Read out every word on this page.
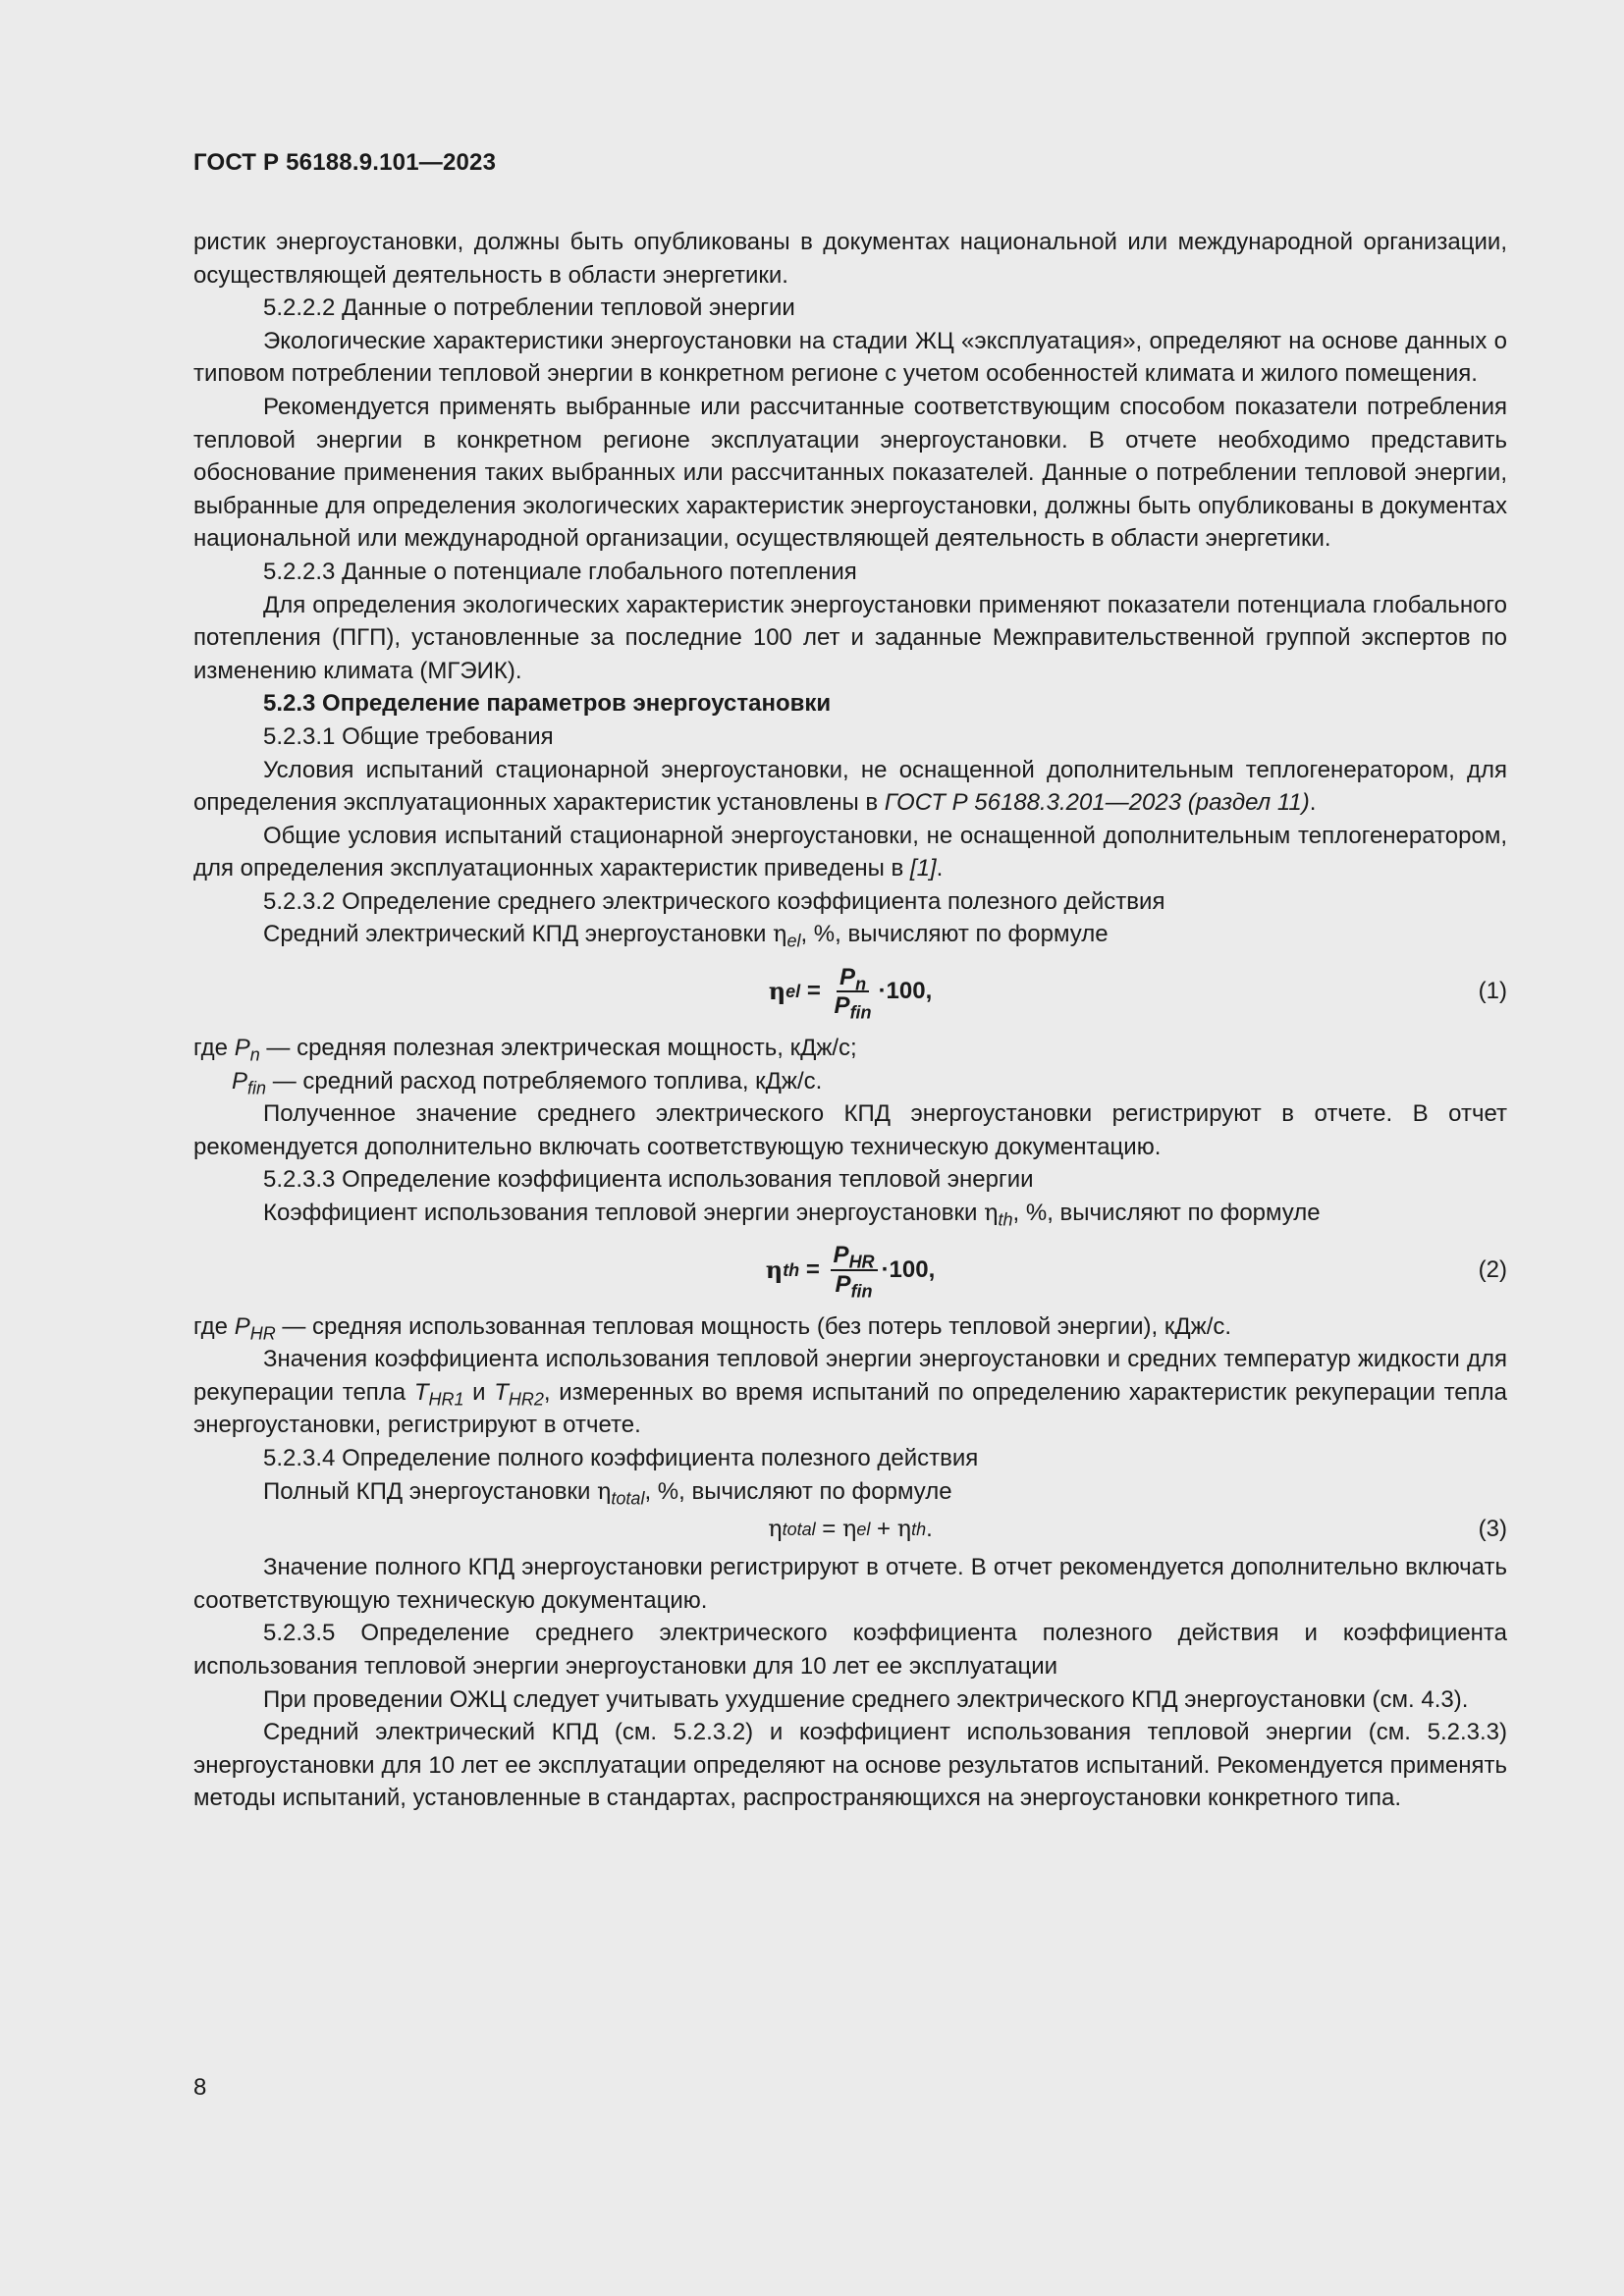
ГОСТ Р 56188.9.101—2023

ристик энергоустановки, должны быть опубликованы в документах национальной или международной организации, осуществляющей деятельность в области энергетики.

5.2.2.2 Данные о потреблении тепловой энергии

Экологические характеристики энергоустановки на стадии ЖЦ «эксплуатация», определяют на основе данных о типовом потреблении тепловой энергии в конкретном регионе с учетом особенностей климата и жилого помещения.

Рекомендуется применять выбранные или рассчитанные соответствующим способом показатели потребления тепловой энергии в конкретном регионе эксплуатации энергоустановки. В отчете необходимо представить обоснование применения таких выбранных или рассчитанных показателей. Данные о потреблении тепловой энергии, выбранные для определения экологических характеристик энергоустановки, должны быть опубликованы в документах национальной или международной организации, осуществляющей деятельность в области энергетики.

5.2.2.3 Данные о потенциале глобального потепления

Для определения экологических характеристик энергоустановки применяют показатели потенциала глобального потепления (ПГП), установленные за последние 100 лет и заданные Межправительственной группой экспертов по изменению климата (МГЭИК).

5.2.3 Определение параметров энергоустановки

5.2.3.1 Общие требования

Условия испытаний стационарной энергоустановки, не оснащенной дополнительным теплогенератором, для определения эксплуатационных характеристик установлены в ГОСТ Р 56188.3.201—2023 (раздел 11).

Общие условия испытаний стационарной энергоустановки, не оснащенной дополнительным теплогенератором, для определения эксплуатационных характеристик приведены в [1].

5.2.3.2 Определение среднего электрического коэффициента полезного действия

Средний электрический КПД энергоустановки $\eta_{el}$, %, вычисляют по формуле

η el = $\frac{P_n}{P_{fin}} \cdot 100$,	(1)

где $P_n$ — средняя полезная электрическая мощность, кДж/с;

$P_{fin}$ — средний расход потребляемого топлива, кДж/с.

Полученное значение среднего электрического КПД энергоустановки регистрируют в отчете. В отчет рекомендуется дополнительно включать соответствующую техническую документацию.

5.2.3.3 Определение коэффициента использования тепловой энергии

Коэффициент использования тепловой энергии энергоустановки $\eta_{th}$, %, вычисляют по формуле

η th = $\frac{P_{HR}}{P_{fin}} \cdot 100$,	(2)

где $P_{HR}$ — средняя использованная тепловая мощность (без потерь тепловой энергии), кДж/с.

Значения коэффициента использования тепловой энергии энергоустановки и средних температур жидкости для рекуперации тепла $T_{HR1}$ и $T_{HR2}$, измеренных во время испытаний по определению характеристик рекуперации тепла энергоустановки, регистрируют в отчете.

5.2.3.4 Определение полного коэффициента полезного действия

Полный КПД энергоустановки $\eta_{total}$, %, вычисляют по формуле

η total = η el + η th .	(3)

Значение полного КПД энергоустановки регистрируют в отчете. В отчет рекомендуется дополнительно включать соответствующую техническую документацию.

5.2.3.5 Определение среднего электрического коэффициента полезного действия и коэффициента использования тепловой энергии энергоустановки для 10 лет ее эксплуатации

При проведении ОЖЦ следует учитывать ухудшение среднего электрического КПД энергоустановки (см. 4.3).

Средний электрический КПД (см. 5.2.3.2) и коэффициент использования тепловой энергии (см. 5.2.3.3) энергоустановки для 10 лет ее эксплуатации определяют на основе результатов испытаний. Рекомендуется применять методы испытаний, установленные в стандартах, распространяющихся на энергоустановки конкретного типа.

8
